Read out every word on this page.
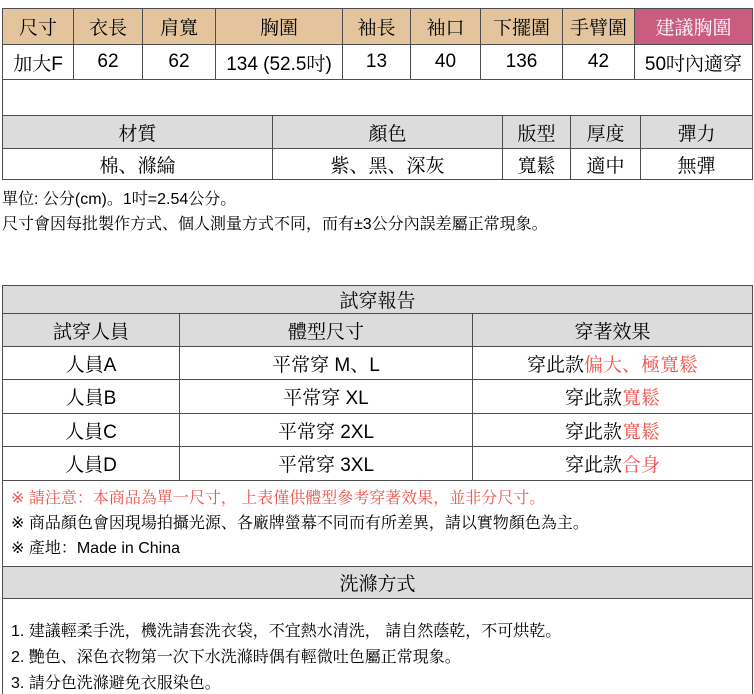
尺寸	衣長	肩寬	胸圍	袖長	袖口	下擺圍	手臂圍	建議胸圍
加大F	62	62	134 (52.5吋)	13	40	136	42	50吋內適穿

材質	顏色	版型	厚度	彈力
棉、滌綸	紫、黑、深灰	寬鬆	適中	無彈

單位: 公分(cm)。1吋=2.54公分。

尺寸會因每批製作方式、個人測量方式不同，而有±3公分內誤差屬正常現象。

試穿報告		
試穿人員	體型尺寸	穿著效果
人員A	平常穿 M、L	穿此款偏大、極寬鬆
人員B	平常穿 XL	穿此款寬鬆
人員C	平常穿 2XL	穿此款寬鬆
人員D	平常穿 3XL	穿此款合身

※ 請注意：本商品為單一尺寸， 上表僅供體型參考穿著效果，並非分尺寸。
※ 商品顏色會因現場拍攝光源、各廠牌螢幕不同而有所差異，請以實物顏色為主。
※ 產地：Made in China		

洗滌方式		

1. 建議輕柔手洗，機洗請套洗衣袋，不宜熱水清洗， 請自然蔭乾，不可烘乾。
2. 艷色、深色衣物第一次下水洗滌時偶有輕微吐色屬正常現象。
3. 請分色洗滌避免衣服染色。		
